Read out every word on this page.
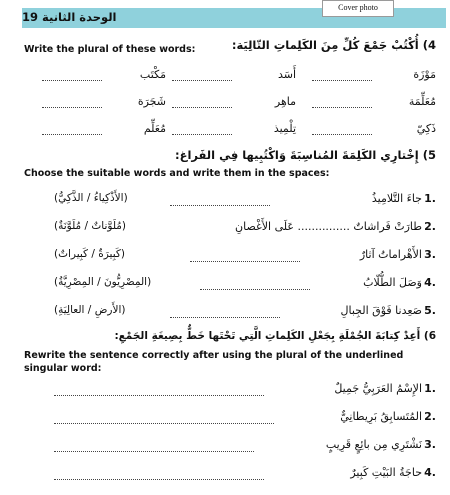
الوحدة الثانية 19
Cover photo
4) أُكْتُبْ جَمْعَ كُلِّ مِنَ الكَلِماتِ التّالِيَة:
Write the plural of these words:
مَوْزَة
أَسَد
مَكْتَب
مُعَلِّمَة
ماهِر
شَجَرَة
ذَكِيّ
تِلْمِيذ
مُعَلِّم
5) إِخْتارِي الكَلِمَةَ المُناسِبَةَ وَاكْتُبِيها فِي الفَراغ:
Choose the suitable words and write them in the spaces:
1.
جاءَ التَّلامِيذُ
(الأَذْكِياءُ / الذَّكِيُّ)
2.
طارَتْ فَراشاتٌ ............... عَلَى الأَغْصانِ
(مُلَوَّناتٌ / مُلَوَّنَةٌ)
3.
الأَهْراماتُ آثارٌ
(كَبِيرَةٌ / كَبِيراتٌ)
4.
وَصَلَ الطُّلّابُ
(المِصْرِيُّونَ / المِصْرِيَّةُ)
5.
صَعِدنا فَوْقَ الجِبالِ
(الأَرضِ / العالِيَةِ)
6) أَعِدْ كِتابَةَ الجُمْلَةِ بِجَعْلِ الكَلِماتِ الَّتِي تَحْتَها خَطٌّ بِصِيغَةِ الجَمْعِ:
Rewrite the sentence correctly after using the plural of the underlined
singular word:
1.
الإِسْمُ العَرَبِيُّ جَمِيلٌ
2.
المُتَسابِقُ بَرِيطانِيٌّ
3.
نَشْتَرِي مِن بائِعٍ قَرِيبٍ
4.
حاجَةُ البَيْتِ كَبِيرٌ
